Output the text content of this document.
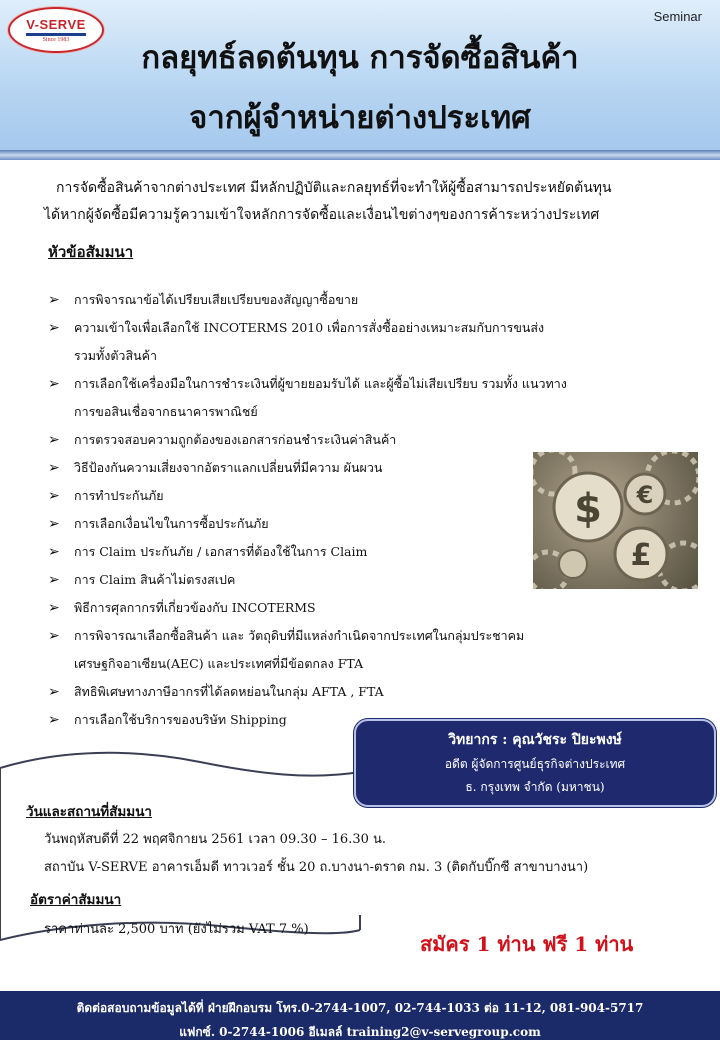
V-SERVE
Since 1983
Seminar
กลยุทธ์ลดต้นทุน การจัดซื้อสินค้า
จากผู้จำหน่ายต่างประเทศ
การจัดซื้อสินค้าจากต่างประเทศ มีหลักปฏิบัติและกลยุทธ์ที่จะทำให้ผู้ซื้อสามารถประหยัดต้นทุน
ได้หากผู้จัดซื้อมีความรู้ความเข้าใจหลักการจัดซื้อและเงื่อนไขต่างๆของการค้าระหว่างประเทศ
หัวข้อสัมมนา
➢ การพิจารณาข้อได้เปรียบเสียเปรียบของสัญญาซื้อขาย
➢ ความเข้าใจเพื่อเลือกใช้ INCOTERMS 2010 เพื่อการสั่งซื้ออย่างเหมาะสมกับการขนส่ง
รวมทั้งตัวสินค้า
➢ การเลือกใช้เครื่องมือในการชำระเงินที่ผู้ขายยอมรับได้ และผู้ซื้อไม่เสียเปรียบ รวมทั้ง แนวทาง
การขอสินเชื่อจากธนาคารพาณิชย์
➢ การตรวจสอบความถูกต้องของเอกสารก่อนชำระเงินค่าสินค้า
➢ วิธีป้องกันความเสี่ยงจากอัตราแลกเปลี่ยนที่มีความ ผันผวน
➢ การทำประกันภัย
➢ การเลือกเงื่อนไขในการซื้อประกันภัย
➢ การ Claim ประกันภัย / เอกสารที่ต้องใช้ในการ Claim
➢ การ Claim สินค้าไม่ตรงสเปค
➢ พิธีการศุลกากรที่เกี่ยวข้องกับ INCOTERMS
➢ การพิจารณาเลือกซื้อสินค้า และ วัตถุดิบที่มีแหล่งกำเนิดจากประเทศในกลุ่มประชาคม
เศรษฐกิจอาเซียน(AEC) และประเทศที่มีข้อตกลง FTA
➢ สิทธิพิเศษทางภาษีอากรที่ได้ลดหย่อนในกลุ่ม AFTA , FTA
➢ การเลือกใช้บริการของบริษัท Shipping
$ €
£
วิทยากร : คุณวัชระ ปิยะพงษ์
อดีต ผู้จัดการศูนย์ธุรกิจต่างประเทศ
ธ. กรุงเทพ จำกัด (มหาชน)
วันและสถานที่สัมมนา
วันพฤหัสบดีที่ 22 พฤศจิกายน 2561 เวลา 09.30 – 16.30 น.
สถาบัน V-SERVE อาคารเอ็มดี ทาวเวอร์ ชั้น 20 ถ.บางนา-ตราด กม. 3 (ติดกับบิ๊กซี สาขาบางนา)
อัตราค่าสัมมนา
ราคาท่านละ 2,500 บาท (ยังไม่รวม VAT 7 %)
สมัคร 1 ท่าน ฟรี 1 ท่าน
ติดต่อสอบถามข้อมูลได้ที่ ฝ่ายฝึกอบรม โทร.0-2744-1007, 02-744-1033 ต่อ 11-12, 081-904-5717
แฟกซ์. 0-2744-1006 อีเมลล์ training2@v-servegroup.com
